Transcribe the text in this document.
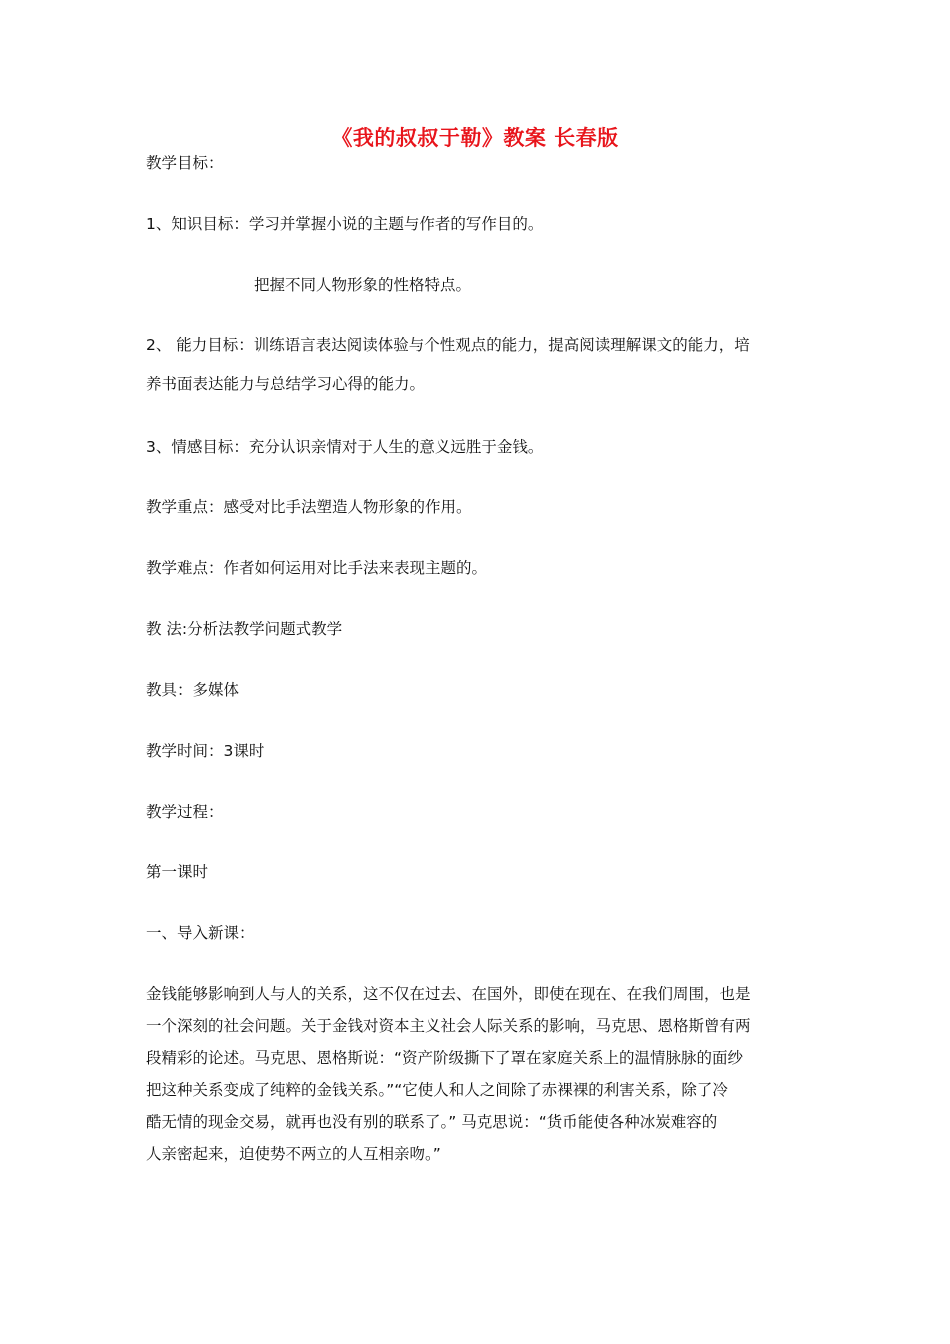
《我的叔叔于勒》教案 长春版
教学目标：
1、知识目标：学习并掌握小说的主题与作者的写作目的。
把握不同人物形象的性格特点。
2、 能力目标：训练语言表达阅读体验与个性观点的能力，提高阅读理解课文的能力，培
养书面表达能力与总结学习心得的能力。
3、情感目标：充分认识亲情对于人生的意义远胜于金钱。
教学重点：感受对比手法塑造人物形象的作用。
教学难点：作者如何运用对比手法来表现主题的。
教 法:分析法教学问题式教学
教具：多媒体
教学时间：3课时
教学过程：
第一课时
一、导入新课：
金钱能够影响到人与人的关系，这不仅在过去、在国外，即使在现在、在我们周围，也是
一个深刻的社会问题。关于金钱对资本主义社会人际关系的影响，马克思、恩格斯曾有两
段精彩的论述。马克思、恩格斯说：“资产阶级撕下了罩在家庭关系上的温情脉脉的面纱
把这种关系变成了纯粹的金钱关系。”“它使人和人之间除了赤裸裸的利害关系，除了冷
酷无情的现金交易，就再也没有别的联系了。” 马克思说：“货币能使各种冰炭难容的
人亲密起来，迫使势不两立的人互相亲吻。”
